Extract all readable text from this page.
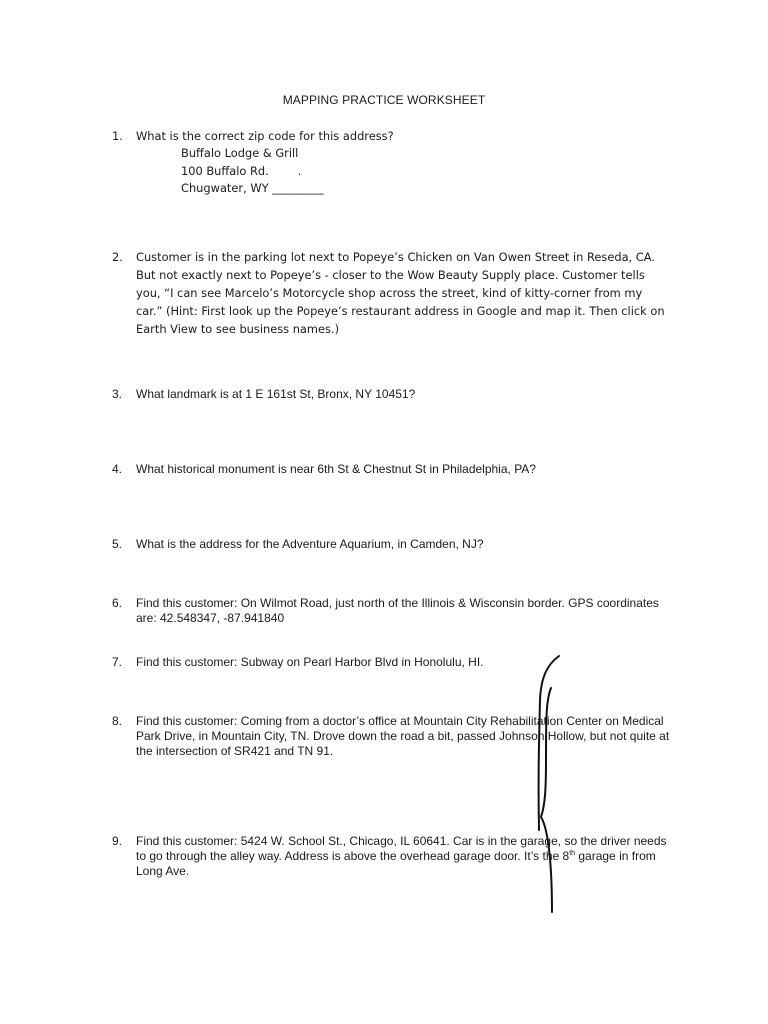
MAPPING PRACTICE WORKSHEET
1. What is the correct zip code for this address?
Buffalo Lodge & Grill
100 Buffalo Rd.        .
Chugwater, WY _________
2. Customer is in the parking lot next to Popeye’s Chicken on Van Owen Street in Reseda, CA. But not exactly next to Popeye’s - closer to the Wow Beauty Supply place. Customer tells you, “I can see Marcelo’s Motorcycle shop across the street, kind of kitty-corner from my car.” (Hint: First look up the Popeye’s restaurant address in Google and map it. Then click on Earth View to see business names.)
3. What landmark is at 1 E 161st St, Bronx, NY 10451?
4. What historical monument is near 6th St & Chestnut St in Philadelphia, PA?
5. What is the address for the Adventure Aquarium, in Camden, NJ?
6. Find this customer: On Wilmot Road, just north of the Illinois & Wisconsin border. GPS coordinates are: 42.548347, -87.941840
7. Find this customer: Subway on Pearl Harbor Blvd in Honolulu, HI.
8. Find this customer: Coming from a doctor’s office at Mountain City Rehabilitation Center on Medical Park Drive, in Mountain City, TN. Drove down the road a bit, passed Johnson Hollow, but not quite at the intersection of SR421 and TN 91.
9. Find this customer: 5424 W. School St., Chicago, IL 60641. Car is in the garage, so the driver needs to go through the alley way. Address is above the overhead garage door. It’s the 8th garage in from Long Ave.
